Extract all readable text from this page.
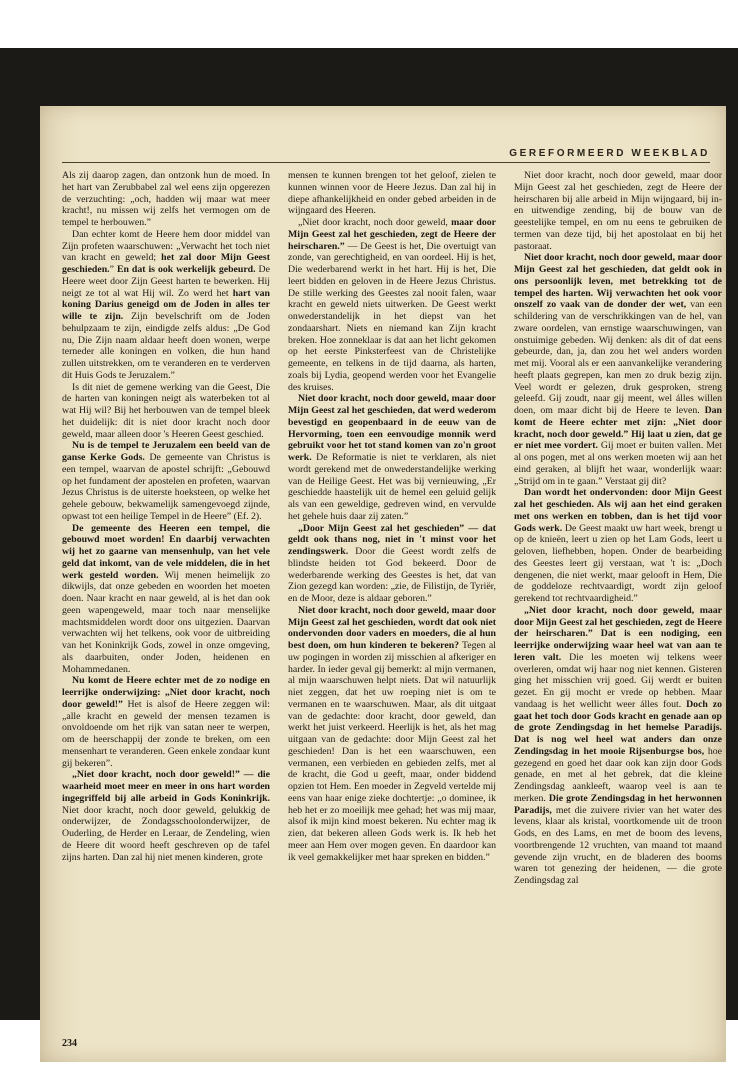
GEREFORMEERD WEEKBLAD

Als zij daarop zagen, dan ontzonk hun de moed. In het hart van Zerubbabel zal wel eens zijn opgerezen de verzuchting: „och, hadden wij maar wat meer kracht!, nu missen wij zelfs het vermogen om de tempel te herbouwen.”

Dan echter komt de Heere hem door middel van Zijn profeten waarschuwen: „Verwacht het toch niet van kracht en geweld; het zal door Mijn Geest geschieden.” En dat is ook werkelijk gebeurd. De Heere weet door Zijn Geest harten te bewerken. Hij neigt ze tot al wat Hij wil. Zo werd het hart van koning Darius geneigd om de Joden in alles ter wille te zijn. Zijn bevelschrift om de Joden behulpzaam te zijn, eindigde zelfs aldus: „De God nu, Die Zijn naam aldaar heeft doen wonen, werpe terneder alle koningen en volken, die hun hand zullen uitstrekken, om te veranderen en te verderven dit Huis Gods te Jeruzalem.”

Is dit niet de gemene werking van die Geest, Die de harten van koningen neigt als waterbeken tot al wat Hij wil? Bij het herbouwen van de tempel bleek het duidelijk: dit is niet door kracht noch door geweld, maar alleen door 's Heeren Geest geschied.

Nu is de tempel te Jeruzalem een beeld van de ganse Kerke Gods. De gemeente van Christus is een tempel, waarvan de apostel schrijft: „Gebouwd op het fundament der apostelen en profeten, waarvan Jezus Christus is de uiterste hoeksteen, op welke het gehele gebouw, bekwamelijk samengevoegd zijnde, opwast tot een heilige Tempel in de Heere” (Ef. 2).

De gemeente des Heeren een tempel, die gebouwd moet worden! En daarbij verwachten wij het zo gaarne van mensenhulp, van het vele geld dat inkomt, van de vele middelen, die in het werk gesteld worden. Wij menen heimelijk zo dikwijls, dat onze gebeden en woorden het moeten doen. Naar kracht en naar geweld, al is het dan ook geen wapengeweld, maar toch naar menselijke machtsmiddelen wordt door ons uitgezien. Daarvan verwachten wij het telkens, ook voor de uitbreiding van het Koninkrijk Gods, zowel in onze omgeving, als daarbuiten, onder Joden, heidenen en Mohammedanen.

Nu komt de Heere echter met de zo nodige en leerrijke onderwijzing: „Niet door kracht, noch door geweld!” Het is alsof de Heere zeggen wil: „alle kracht en geweld der mensen tezamen is onvoldoende om het rijk van satan neer te werpen, om de heerschappij der zonde te breken, om een mensenhart te veranderen. Geen enkele zondaar kunt gij bekeren”.

„Niet door kracht, noch door geweld!” — die waarheid moet meer en meer in ons hart worden ingegriffeld bij alle arbeid in Gods Koninkrijk. Niet door kracht, noch door geweld, gelukkig de onderwijzer, de Zondagsschoolonderwijzer, de Ouderling, de Herder en Leraar, de Zendeling, wien de Heere dit woord heeft geschreven op de tafel zijns harten. Dan zal hij niet menen kinderen, grote

mensen te kunnen brengen tot het geloof, zielen te kunnen winnen voor de Heere Jezus. Dan zal hij in diepe afhankelijkheid en onder gebed arbeiden in de wijngaard des Heeren.

„Niet door kracht, noch door geweld, maar door Mijn Geest zal het geschieden, zegt de Heere der heirscharen.” — De Geest is het, Die overtuigt van zonde, van gerechtigheid, en van oordeel. Hij is het, Die wederbarend werkt in het hart. Hij is het, Die leert bidden en geloven in de Heere Jezus Christus. De stille werking des Geestes zal nooit falen, waar kracht en geweld niets uitwerken. De Geest werkt onwederstandelijk in het diepst van het zondaarshart. Niets en niemand kan Zijn kracht breken. Hoe zonneklaar is dat aan het licht gekomen op het eerste Pinksterfeest van de Christelijke gemeente, en telkens in de tijd daarna, als harten, zoals bij Lydia, geopend werden voor het Evangelie des kruises.

Niet door kracht, noch door geweld, maar door Mijn Geest zal het geschieden, dat werd wederom bevestigd en geopenbaard in de eeuw van de Hervorming, toen een eenvoudige monnik werd gebruikt voor het tot stand komen van zo'n groot werk. De Reformatie is niet te verklaren, als niet wordt gerekend met de onwederstandelijke werking van de Heilige Geest. Het was bij vernieuwing, „Er geschiedde haastelijk uit de hemel een geluid gelijk als van een geweldige, gedreven wind, en vervulde het gehele huis daar zij zaten.”

„Door Mijn Geest zal het geschieden” — dat geldt ook thans nog, niet in 't minst voor het zendingswerk. Door die Geest wordt zelfs de blindste heiden tot God bekeerd. Door de wederbarende werking des Geestes is het, dat van Zion gezegd kan worden: „zie, de Filistijn, de Tyriër, en de Moor, deze is aldaar geboren.”

Niet door kracht, noch door geweld, maar door Mijn Geest zal het geschieden, wordt dat ook niet ondervonden door vaders en moeders, die al hun best doen, om hun kinderen te bekeren? Tegen al uw pogingen in worden zij misschien al afkeriger en harder. In ieder geval gij bemerkt: al mijn vermanen, al mijn waarschuwen helpt niets. Dat wil natuurlijk niet zeggen, dat het uw roeping niet is om te vermanen en te waarschuwen. Maar, als dit uitgaat van de gedachte: door kracht, door geweld, dan werkt het juist verkeerd. Heerlijk is het, als het mag uitgaan van de gedachte: door Mijn Geest zal het geschieden! Dan is het een waarschuwen, een vermanen, een verbieden en gebieden zelfs, met al de kracht, die God u geeft, maar, onder biddend opzien tot Hem. Een moeder in Zegveld vertelde mij eens van haar enige zieke dochtertje: „o dominee, ik heb het er zo moeilijk mee gehad; het was mij maar, alsof ik mijn kind moest bekeren. Nu echter mag ik zien, dat bekeren alleen Gods werk is. Ik heb het meer aan Hem over mogen geven. En daardoor kan ik veel gemakkelijker met haar spreken en bidden.”

Niet door kracht, noch door geweld, maar door Mijn Geest zal het geschieden, zegt de Heere der heirscharen bij alle arbeid in Mijn wijngaard, bij in- en uitwendige zending, bij de bouw van de geestelijke tempel, en om nu eens te gebruiken de termen van deze tijd, bij het apostolaat en bij het pastoraat.

Niet door kracht, noch door geweld, maar door Mijn Geest zal het geschieden, dat geldt ook in ons persoonlijk leven, met betrekking tot de tempel des harten. Wij verwachten het ook voor onszelf zo vaak van de donder der wet, van een schildering van de verschrikkingen van de hel, van zware oordelen, van ernstige waarschuwingen, van onstuimige gebeden. Wij denken: als dit of dat eens gebeurde, dan, ja, dan zou het wel anders worden met mij. Vooral als er een aanvankelijke verandering heeft plaats gegrepen, kan men zo druk bezig zijn. Veel wordt er gelezen, druk gesproken, streng geleefd. Gij zoudt, naar gij meent, wel álles willen doen, om maar dicht bij de Heere te leven. Dan komt de Heere echter met zijn: „Niet door kracht, noch door geweld.” Hij laat u zien, dat ge er niet mee vordert. Gij moet er buiten vallen. Met al ons pogen, met al ons werken moeten wij aan het eind geraken, al blijft het waar, wonderlijk waar: „Strijd om in te gaan.” Verstaat gij dit?

Dan wordt het ondervonden: door Mijn Geest zal het geschieden. Als wij aan het eind geraken met ons werken en tobben, dan is het tijd voor Gods werk. De Geest maakt uw hart week, brengt u op de knieën, leert u zien op het Lam Gods, leert u geloven, liefhebben, hopen. Onder de bearbeiding des Geestes leert gij verstaan, wat 't is: „Doch dengenen, die niet werkt, maar gelooft in Hem, Die de goddeloze rechtvaardigt, wordt zijn geloof gerekend tot rechtvaardigheid.”

„Niet door kracht, noch door geweld, maar door Mijn Geest zal het geschieden, zegt de Heere der heirscharen.” Dat is een nodiging, een leerrijke onderwijzing waar heel wat van aan te leren valt. Die les moeten wij telkens weer overleren, omdat wij haar nog niet kennen. Gisteren ging het misschien vrij goed. Gij werdt er buiten gezet. En gij mocht er vrede op hebben. Maar vandaag is het wellicht weer álles fout. Doch zo gaat het toch door Gods kracht en genade aan op de grote Zendingsdag in het hemelse Paradijs. Dat is nog wel heel wat anders dan onze Zendingsdag in het mooie Rijsenburgse bos, hoe gezegend en goed het daar ook kan zijn door Gods genade, en met al het gebrek, dat die kleine Zendingsdag aankleeft, waarop veel is aan te merken. Die grote Zendingsdag in het herwonnen Paradijs, met die zuivere rivier van het water des levens, klaar als kristal, voortkomende uit de troon Gods, en des Lams, en met de boom des levens, voortbrengende 12 vruchten, van maand tot maand gevende zijn vrucht, en de bladeren des booms waren tot genezing der heidenen, — die grote Zendingsdag zal

234
